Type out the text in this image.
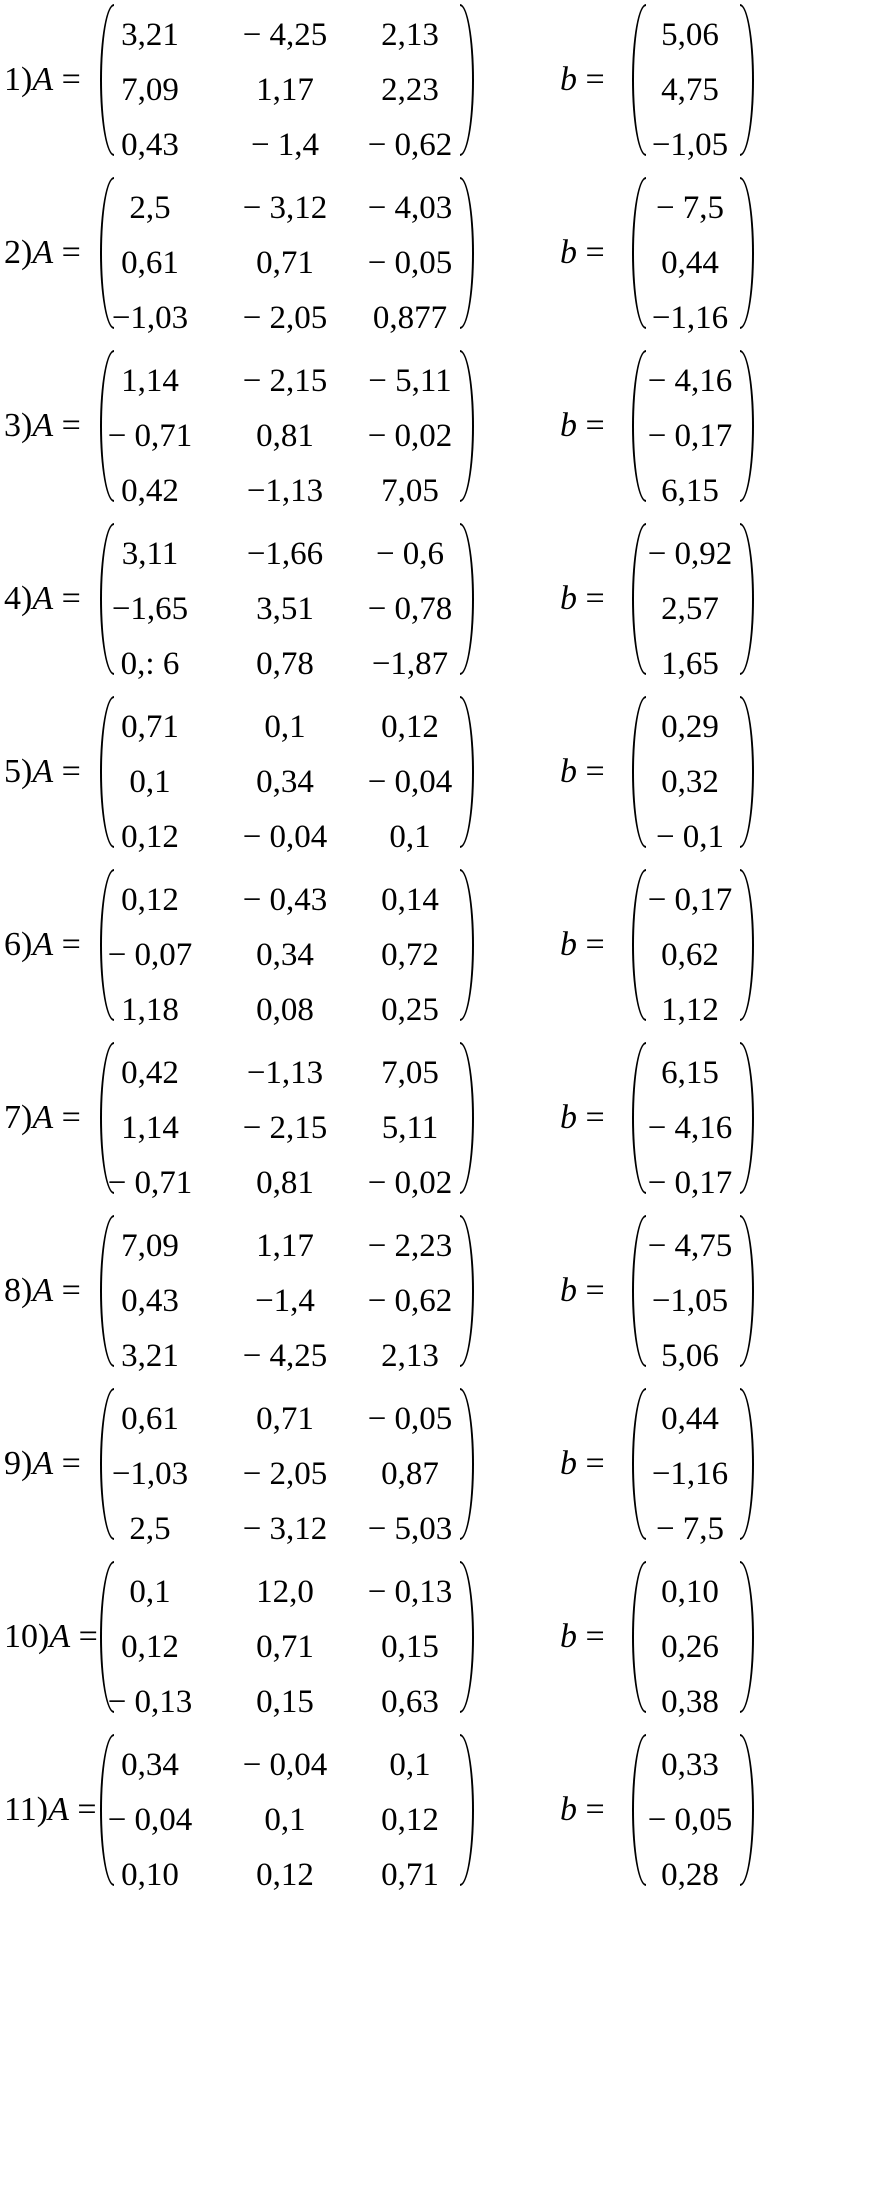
1)A =
3,21	− 4,25	2,13
7,09	1,17	2,23
0,43	− 1,4	− 0,62
b =
5,06
4,75
−1,05
2)A =
2,5	− 3,12	− 4,03
0,61	0,71	− 0,05
−1,03	− 2,05	0,877
b =
− 7,5
0,44
−1,16
3)A =
1,14	− 2,15	− 5,11
− 0,71	0,81	− 0,02
0,42	−1,13	7,05
b =
− 4,16
− 0,17
6,15
4)A =
3,11	−1,66	− 0,6
−1,65	3,51	− 0,78
0,: 6	0,78	−1,87
b =
− 0,92
2,57
1,65
5)A =
0,71	0,1	0,12
0,1	0,34	− 0,04
0,12	− 0,04	0,1
b =
0,29
0,32
− 0,1
6)A =
0,12	− 0,43	0,14
− 0,07	0,34	0,72
1,18	0,08	0,25
b =
− 0,17
0,62
1,12
7)A =
0,42	−1,13	7,05
1,14	− 2,15	5,11
− 0,71	0,81	− 0,02
b =
6,15
− 4,16
− 0,17
8)A =
7,09	1,17	− 2,23
0,43	−1,4	− 0,62
3,21	− 4,25	2,13
b =
− 4,75
−1,05
5,06
9)A =
0,61	0,71	− 0,05
−1,03	− 2,05	0,87
2,5	− 3,12	− 5,03
b =
0,44
−1,16
− 7,5
10)A =
0,1	12,0	− 0,13
0,12	0,71	0,15
− 0,13	0,15	0,63
b =
0,10
0,26
0,38
11)A =
0,34	− 0,04	0,1
− 0,04	0,1	0,12
0,10	0,12	0,71
b =
0,33
− 0,05
0,28
